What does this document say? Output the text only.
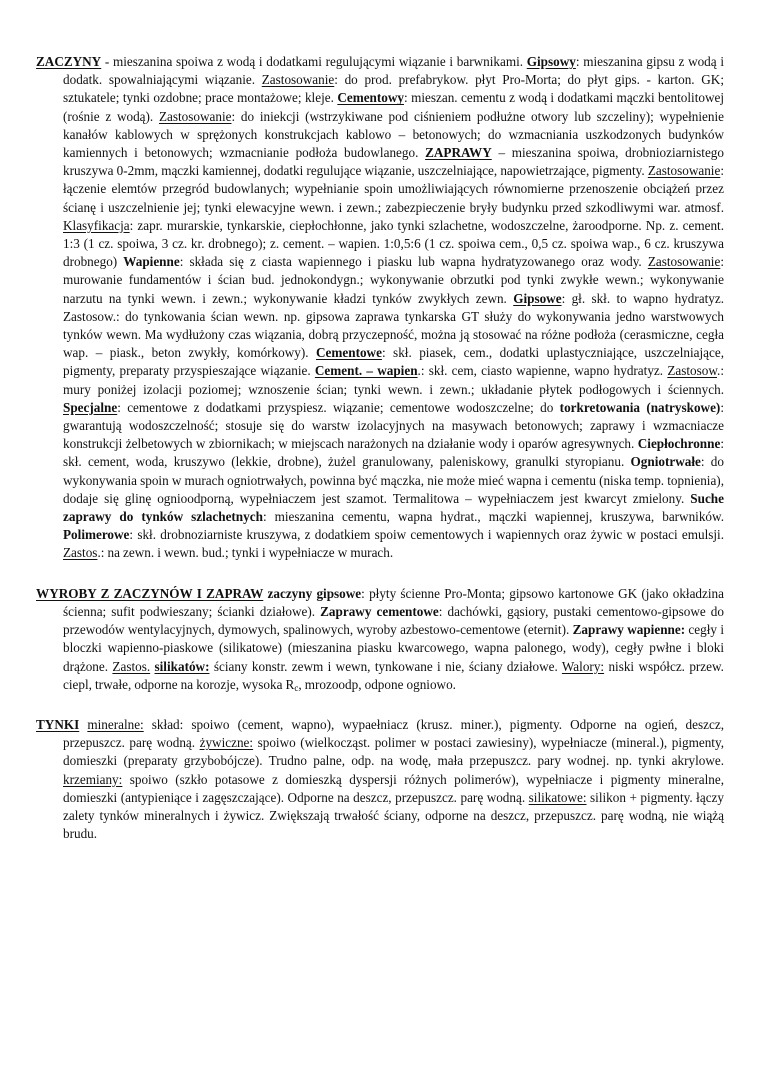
ZACZYNY - mieszanina spoiwa z wodą i dodatkami regulującymi wiązanie i barwnikami. Gipsowy: mieszanina gipsu z wodą i dodatk. spowalniającymi wiązanie. Zastosowanie: do prod. prefabrykow. płyt Pro-Morta; do płyt gips. - karton. GK; sztukatele; tynki ozdobne; prace montażowe; kleje. Cementowy: mieszan. cementu z wodą i dodatkami mączki bentolitowej (rośnie z wodą). Zastosowanie: do iniekcji (wstrzykiwane pod ciśnieniem podłużne otwory lub szczeliny); wypełnienie kanałów kablowych w sprężonych konstrukcjach kablowo – betonowych; do wzmacniania uszkodzonych budynków kamiennych i betonowych; wzmacnianie podłoża budowlanego. ZAPRAWY – mieszanina spoiwa, drobnioziarnistego kruszywa 0-2mm, mączki kamiennej, dodatki regulujące wiązanie, uszczelniające, napowietrzające, pigmenty. Zastosowanie: łączenie elemtów przegród budowlanych; wypełnianie spoin umożliwiających równomierne przenoszenie obciążeń przez ścianę i uszczelnienie jej; tynki elewacyjne wewn. i zewn.; zabezpieczenie bryły budynku przed szkodliwymi war. atmosf. Klasyfikacja: zapr. murarskie, tynkarskie, ciepłochłonne, jako tynki szlachetne, wodoszczelne, żaroodporne. Np. z. cement. 1:3 (1 cz. spoiwa, 3 cz. kr. drobnego); z. cement. – wapien. 1:0,5:6 (1 cz. spoiwa cem., 0,5 cz. spoiwa wap., 6 cz. kruszywa drobnego) Wapienne: składa się z ciasta wapiennego i piasku lub wapna hydratyzowanego oraz wody. Zastosowanie: murowanie fundamentów i ścian bud. jednokondygn.; wykonywanie obrzutki pod tynki zwykłe wewn.; wykonywanie narzutu na tynki wewn. i zewn.; wykonywanie kładzi tynków zwykłych zewn. Gipsowe: gł. skł. to wapno hydratyz. Zastosow.: do tynkowania ścian wewn. np. gipsowa zaprawa tynkarska GT służy do wykonywania jedno warstwowych tynków wewn. Ma wydłużony czas wiązania, dobrą przyczepność, można ją stosować na różne podłoża (cerasmiczne, cegła wap. – piask., beton zwykły, komórkowy). Cementowe: skł. piasek, cem., dodatki uplastyczniające, uszczelniające, pigmenty, preparaty przyspieszające wiązanie. Cement. – wapien.: skł. cem, ciasto wapienne, wapno hydratyz. Zastosow.: mury poniżej izolacji poziomej; wznoszenie ścian; tynki wewn. i zewn.; układanie płytek podłogowych i ściennych. Specjalne: cementowe z dodatkami przyspiesz. wiązanie; cementowe wodoszczelne; do torkretowania (natryskowe): gwarantują wodoszczelność; stosuje się do warstw izolacyjnych na masywach betonowych; zaprawy i wzmacniacze konstrukcji żelbetowych w zbiornikach; w miejscach narażonych na działanie wody i oparów agresywnych. Ciepłochronne: skł. cement, woda, kruszywo (lekkie, drobne), żużel granulowany, paleniskowy, granulki styropianu. Ogniotrwałe: do wykonywania spoin w murach ogniotrwałych, powinna być mączka, nie może mieć wapna i cementu (niska temp. topnienia), dodaje się glinę ognioodporną, wypełniaczem jest szamot. Termalitowa – wypełniaczem jest kwarcyt zmielony. Suche zaprawy do tynków szlachetnych: mieszanina cementu, wapna hydrat., mączki wapiennej, kruszywa, barwników. Polimerowe: skł. drobnoziarniste kruszywa, z dodatkiem spoiw cementowych i wapiennych oraz żywic w postaci emulsji. Zastos.: na zewn. i wewn. bud.; tynki i wypełniacze w murach.

WYROBY Z ZACZYNÓW I ZAPRAW zaczyny gipsowe: płyty ścienne Pro-Monta; gipsowo kartonowe GK (jako okładzina ścienna; sufit podwieszany; ścianki działowe). Zaprawy cementowe: dachówki, gąsiory, pustaki cementowo-gipsowe do przewodów wentylacyjnych, dymowych, spalinowych, wyroby azbestowo-cementowe (eternit). Zaprawy wapienne: cegły i bloczki wapienno-piaskowe (silikatowe) (mieszanina piasku kwarcowego, wapna palonego, wody), cegły pwłne i bloki drążone. Zastos. silikatów: ściany konstr. zewm i wewn, tynkowane i nie, ściany działowe. Walory: niski współcz. przew. ciepl, trwałe, odporne na korozje, wysoka $R_c$, mrozoodp, odpone ogniowo.

TYNKI mineralne: skład: spoiwo (cement, wapno), wypaełniacz (krusz. miner.), pigmenty. Odporne na ogień, deszcz, przepuszcz. parę wodną. żywiczne: spoiwo (wielkocząst. polimer w postaci zawiesiny), wypełniacze (mineral.), pigmenty, domieszki (preparaty grzybobójcze). Trudno palne, odp. na wodę, mała przepuszcz. pary wodnej. np. tynki akrylowe. krzemiany: spoiwo (szkło potasowe z domieszką dyspersji różnych polimerów), wypełniacze i pigmenty mineralne, domieszki (antypieniące i zagęszczające). Odporne na deszcz, przepuszcz. parę wodną. silikatowe: silikon + pigmenty. łączy zalety tynków mineralnych i żywicz. Zwiększają trwałość ściany, odporne na deszcz, przepuszcz. parę wodną, nie wiążą brudu.
